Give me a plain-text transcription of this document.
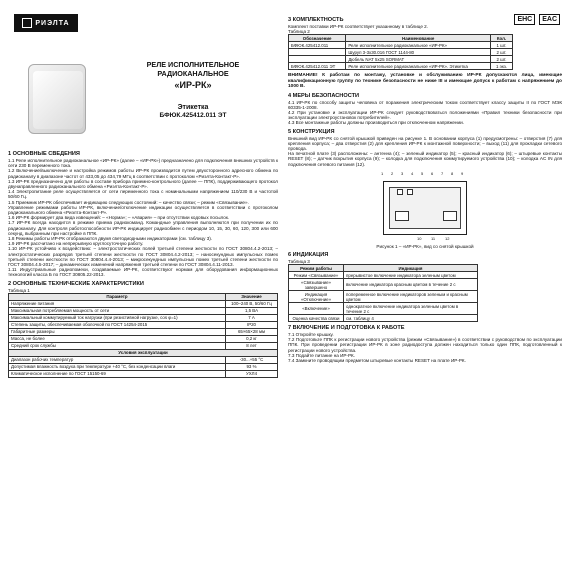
РИЭЛТА
РЕЛЕ ИСПОЛНИТЕЛЬНОЕ
РАДИОКАНАЛЬНОЕ
«ИР-РК»
Этикетка
БФЮК.425412.011 ЭТ
1 ОСНОВНЫЕ СВЕДЕНИЯ

1.1 Реле исполнительное радиоканальное «ИР-РК» (далее – «ИР-РК») предназначено для подключения внешних устройств к сети 230 В переменного тока.

1.2 Включение/выключение и настройка режимов работы ИР-РК производится путем двухсторонного адресного обмена по радиоканалу в диапазоне частот от 433,05 до 434,79 МГц в соответствии с протоколом «Риэлта-Контакт-Р».

1.3 ИР-РК предназначено для работы в составе прибора приемно-контрольного (далее — ППК), поддерживающего протокол двунаправленного радиоканального обмена «Риэлта-Контакт-Р».

1.4 Электропитание реле осуществляется от сети переменного тока с номинальными напряжением 110/230 В и частотой 50/60 Гц.

1.5 Приемник ИР-РК обеспечивает индикацию следующих состояний: – качество связи; – режим «Связывание».

Управление режимами работы ИР-РК, включение/отключение индикации осуществляется в соответствии с протоколом радиоканального обмена «Риэлта-Контакт-Р».

1.6 ИР-РК формирует два вида извещений: – «Норма»; – «Авария» – при отсутствии кодовых посылок.

1.7 ИР-РК всегда находится в режиме приема радиокоманд. Командные управления выполняются при получении их по радиоканалу. Для контроля работоспособности ИР-РК индицирует радиообмен с периодом 10, 15, 30, 60, 120, 300 или 600 секунд, выбранным при настройке в ППК.

1.8 Режимы работы ИР-РК отображаются двумя светодиодными индикаторами (см. таблицу 3).

1.9 ИР-РК рассчитано на непрерывную круглосуточную работу.

1.10 ИР-РК устойчиво к воздействию: – электростатических полей третьей степени жесткости по ГОСТ 30804.4.2-2013; – электростатических разрядов третьей степени жесткости по ГОСТ 30804.4.2-2013; – наносекундных импульсных помех третьей степени жесткости по ГОСТ 30804.4.4-2013; – микросекундных импульсных помех третьей степени жесткости по ГОСТ 30804.4.5-2017; – динамических изменений напряжения третьей степени по ГОСТ 30804.4.11-2013.

1.11 Индустриальные радиопомехи, создаваемые ИР-РК, соответствуют нормам для оборудования информационных технологий класса Б по ГОСТ 30805.22-2013.

2 ОСНОВНЫЕ ТЕХНИЧЕСКИЕ ХАРАКТЕРИСТИКИ

Таблица 1

Параметр	Значение
Напряжение питания	100–240 В, 50/60 Гц
Максимальная потребляемая мощность от сети	1,5 ВА
Максимальный коммутируемый ток нагрузки (при резистивной нагрузке, cos φ=1)	7 А
Степень защиты, обеспечиваемая оболочкой по ГОСТ 14254-2015	IP20
Габаритные размеры	65×65×28 мм
Масса, не более	0,2 кг
Средний срок службы	8 лет
Условия эксплуатации	
Диапазон рабочих температур	-30...+55 °С
Допустимая влажность воздуха при температуре +40 °С, без конденсации влаги	93 %
Климатическое исполнение по ГОСТ 15150-69	УХЛ4
EHC	EAC
3 КОМПЛЕКТНОСТЬ

Комплект поставки ИР-РК соответствует указанному в таблице 2.

Таблица 2

Обозначение	Наименование	Кол.
БФЮК.425412.011	Реле исполнительное радиоканальное «ИР-РК»	1 шт.
	Шуруп 3-3х30.016 ГОСТ 1144-80	2 шт.
	Дюбель NAT 5х25 SORMAT	2 шт.
БФЮК.425412.011 ЭТ	Реле исполнительное радиоканальное «ИР-РК». Этикетка	1 экз.
ВНИМАНИЕ! К работам по монтажу, установке и обслуживанию ИР-РК допускаются лица, имеющие квалификационную группу по технике безопасности не ниже III и имеющие допуск к работам с напряжением до 1000 В.
4 МЕРЫ БЕЗОПАСНОСТИ

4.1 ИР-РК по способу защиты человека от поражения электрическим током соответствует классу защиты II по ГОСТ МЭК 60335-1-2008.

4.2 При установке и эксплуатации ИР-РК следует руководствоваться положениями «Правил техники безопасности при эксплуатации электроустановок потребителей».

4.3 Все монтажные работы должны производиться при отключенном напряжении.

5 КОНСТРУКЦИЯ

Внешний вид ИР-РК со снятой крышкой приведен на рисунке 1. В основании корпуса (1) предусмотрены: – отверстия (7) для крепления корпуса; – два отверстия (2) для крепления ИР-РК к монтажной поверхности; – выход (11) для прокладки сетевого провода.

На печатной плате (3) расположены: – антенна (4); – зеленый индикатор (5); – красный индикатор (6); – штыревые контакты RESET (8); – датчик вскрытия корпуса (9); – колодка для подключения коммутируемого устройства (10); – колодка AC IN для подключения сетевого питания (12).

1 2 3 4 5 6 7 8 9
10 11 12
Рисунок 1 – «ИР-РК», вид со снятой крышкой
6 ИНДИКАЦИЯ

Таблица 3

Режим работы	Индикация
Режим «Связывание»	прерывистое включение индикатора зеленым цветом
«Связывание» завершено	включение индикатора красным цветом в течение 2 с
Индикация «Отключение»	попеременное включение индикаторов зеленым и красным цветом
«Включение»	однократное включение индикатора зеленым цветом в течение 2 с
Оценка качества связи	см. таблицу 4
7 ВКЛЮЧЕНИЕ И ПОДГОТОВКА К РАБОТЕ

7.1 Откройте крышку.

7.2 Подготовьте ППК к регистрации нового устройства (режим «Связывание») в соответствии с руководством по эксплуатации ППК. При проведении регистрации ИР-РК в зоне радиодоступа должен находиться только один ППК, подготовленный к регистрации нового устройства.

7.3 Подайте питание на ИР-РК.

7.4 Замкните проводящим предметом штыревые контакты RESET на плате ИР-РК.
